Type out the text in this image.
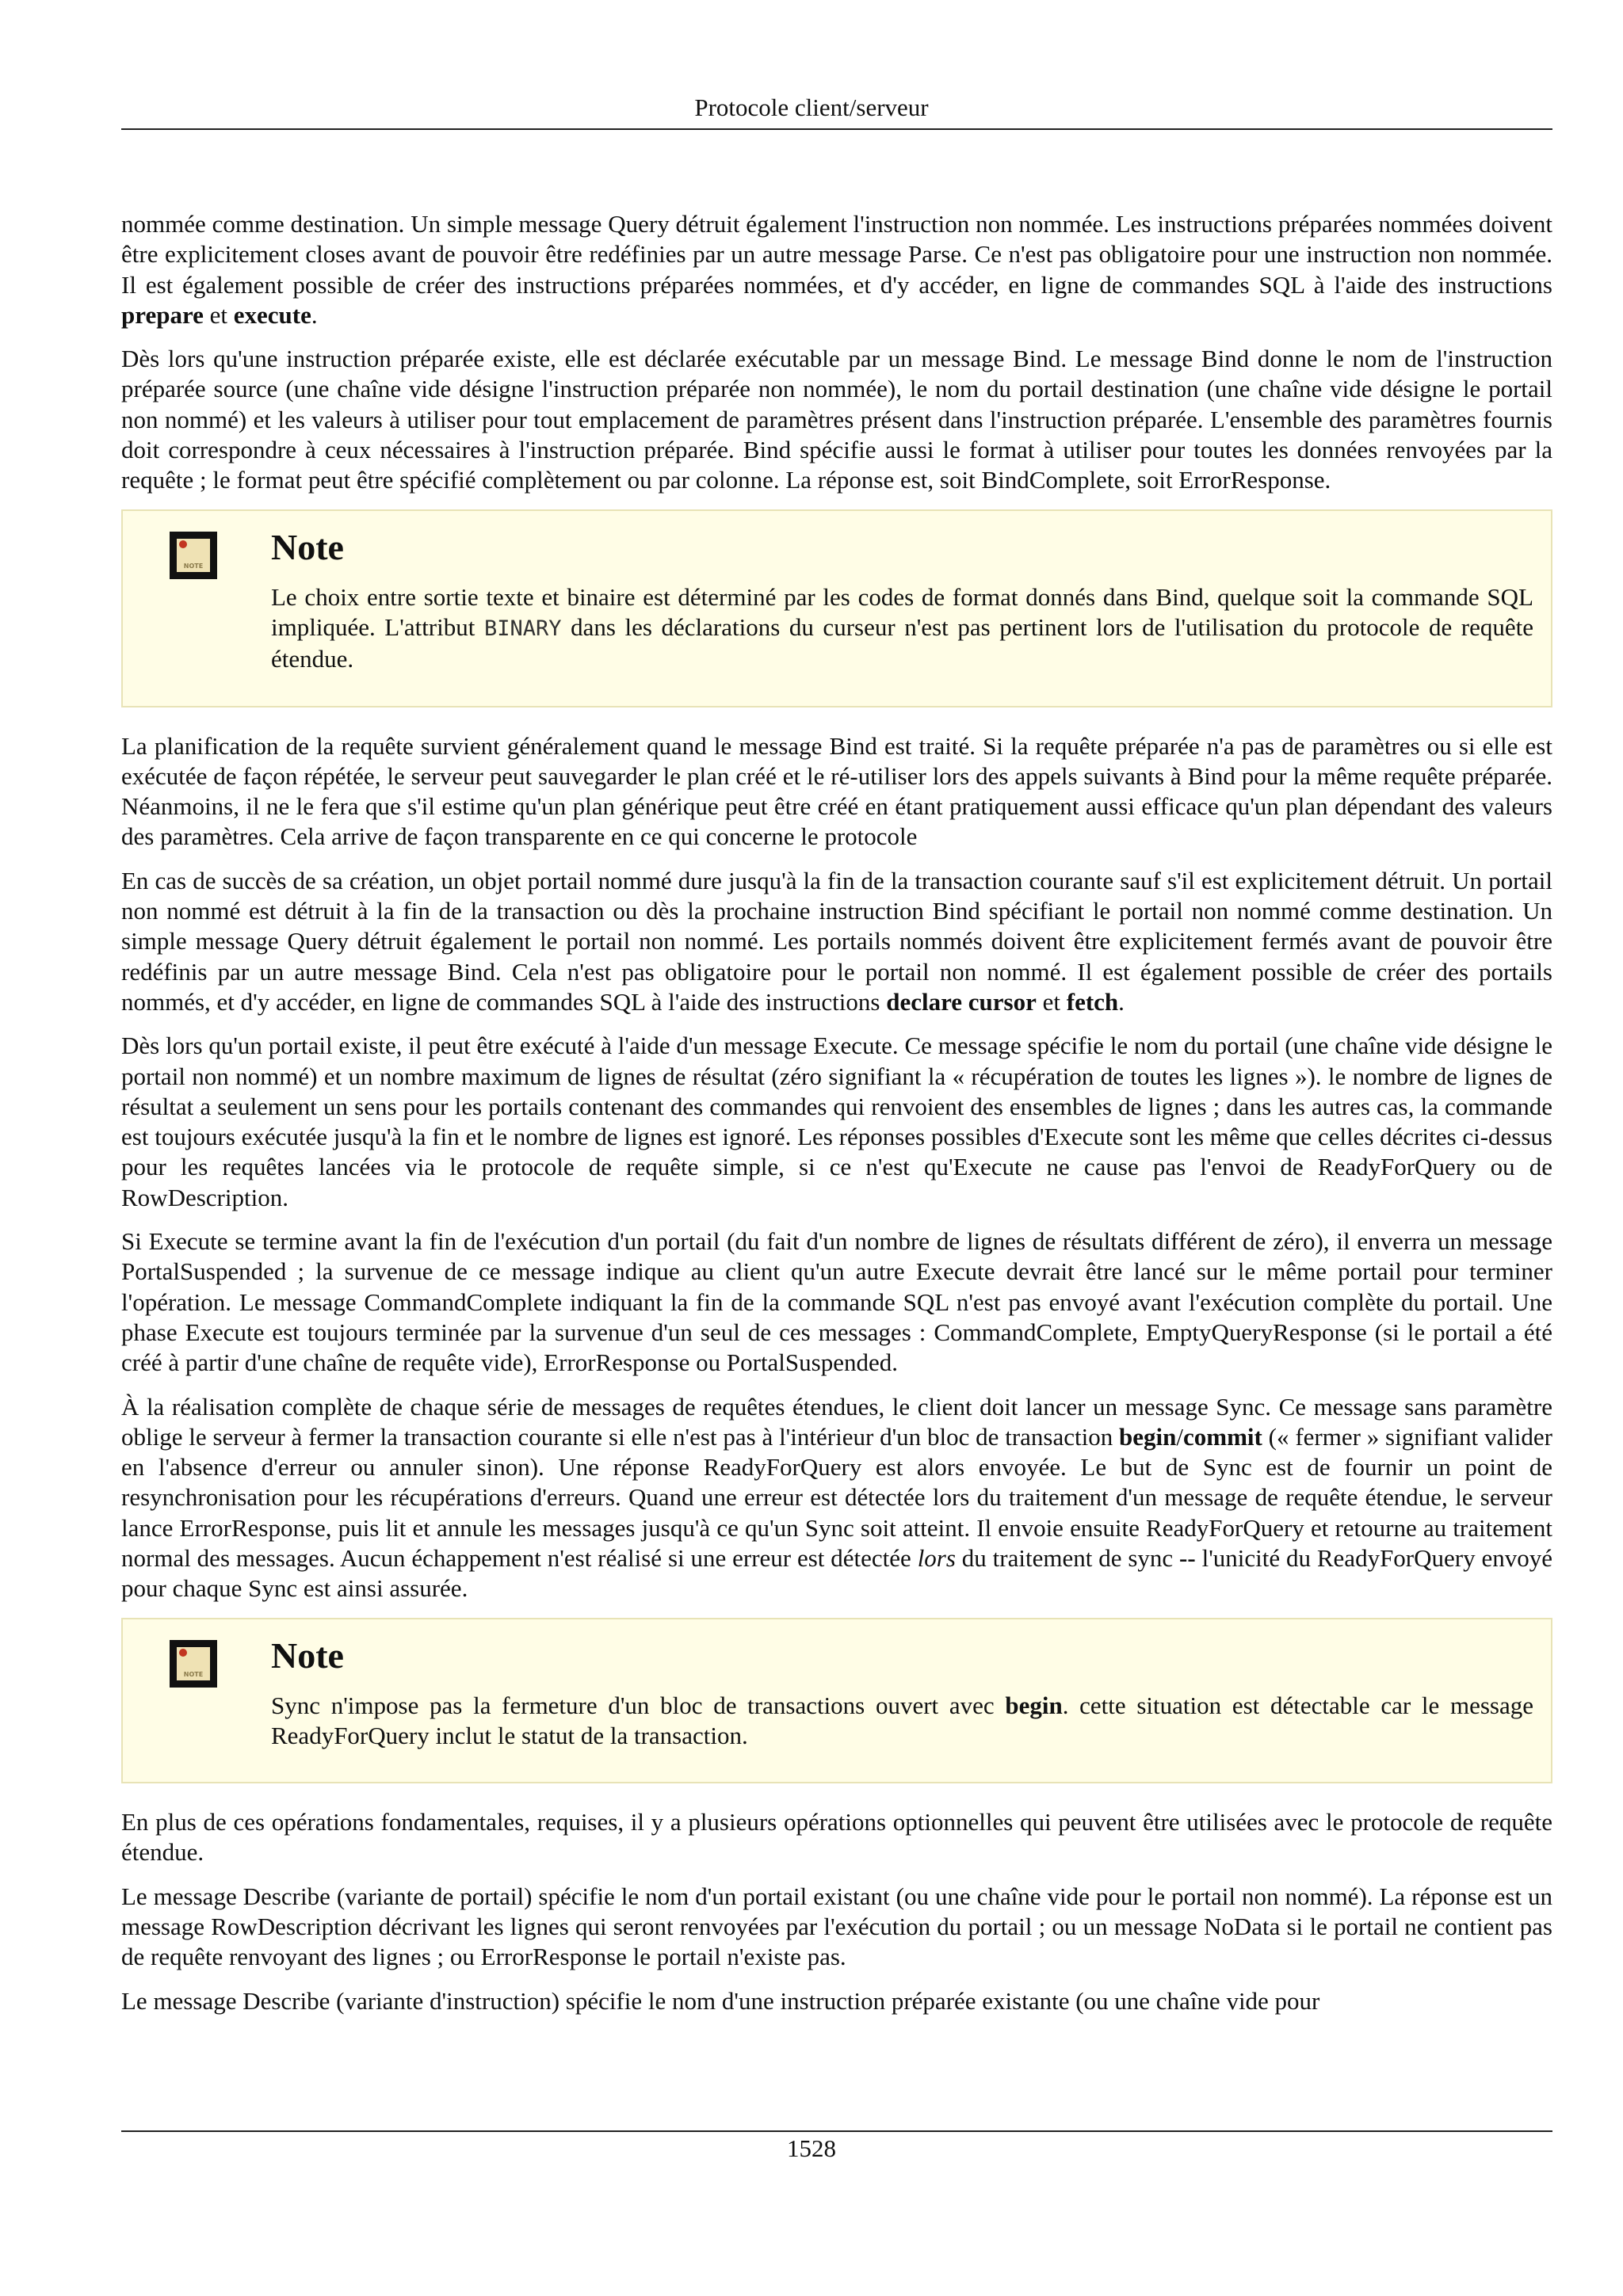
Protocole client/serveur

nommée comme destination. Un simple message Query détruit également l'instruction non nommée. Les instructions préparées nommées doivent être explicitement closes avant de pouvoir être redéfinies par un autre message Parse. Ce n'est pas obligatoire pour une instruction non nommée. Il est également possible de créer des instructions préparées nommées, et d'y accéder, en ligne de commandes SQL à l'aide des instructions prepare et execute.

Dès lors qu'une instruction préparée existe, elle est déclarée exécutable par un message Bind. Le message Bind donne le nom de l'instruction préparée source (une chaîne vide désigne l'instruction préparée non nommée), le nom du portail destination (une chaîne vide désigne le portail non nommé) et les valeurs à utiliser pour tout emplacement de paramètres présent dans l'instruction préparée. L'ensemble des paramètres fournis doit correspondre à ceux nécessaires à l'instruction préparée. Bind spécifie aussi le format à utiliser pour toutes les données renvoyées par la requête ; le format peut être spécifié complètement ou par colonne. La réponse est, soit BindComplete, soit ErrorResponse.

NOTE Note

Le choix entre sortie texte et binaire est déterminé par les codes de format donnés dans Bind, quelque soit la commande SQL impliquée. L'attribut BINARY dans les déclarations du curseur n'est pas pertinent lors de l'utilisation du protocole de requête étendue.

La planification de la requête survient généralement quand le message Bind est traité. Si la requête préparée n'a pas de paramètres ou si elle est exécutée de façon répétée, le serveur peut sauvegarder le plan créé et le ré-utiliser lors des appels suivants à Bind pour la même requête préparée. Néanmoins, il ne le fera que s'il estime qu'un plan générique peut être créé en étant pratiquement aussi efficace qu'un plan dépendant des valeurs des paramètres. Cela arrive de façon transparente en ce qui concerne le protocole

En cas de succès de sa création, un objet portail nommé dure jusqu'à la fin de la transaction courante sauf s'il est explicitement détruit. Un portail non nommé est détruit à la fin de la transaction ou dès la prochaine instruction Bind spécifiant le portail non nommé comme destination. Un simple message Query détruit également le portail non nommé. Les portails nommés doivent être explicitement fermés avant de pouvoir être redéfinis par un autre message Bind. Cela n'est pas obligatoire pour le portail non nommé. Il est également possible de créer des portails nommés, et d'y accéder, en ligne de commandes SQL à l'aide des instructions declare cursor et fetch.

Dès lors qu'un portail existe, il peut être exécuté à l'aide d'un message Execute. Ce message spécifie le nom du portail (une chaîne vide désigne le portail non nommé) et un nombre maximum de lignes de résultat (zéro signifiant la « récupération de toutes les lignes »). le nombre de lignes de résultat a seulement un sens pour les portails contenant des commandes qui renvoient des ensembles de lignes ; dans les autres cas, la commande est toujours exécutée jusqu'à la fin et le nombre de lignes est ignoré. Les réponses possibles d'Execute sont les même que celles décrites ci-dessus pour les requêtes lancées via le protocole de requête simple, si ce n'est qu'Execute ne cause pas l'envoi de ReadyForQuery ou de RowDescription.

Si Execute se termine avant la fin de l'exécution d'un portail (du fait d'un nombre de lignes de résultats différent de zéro), il enverra un message PortalSuspended ; la survenue de ce message indique au client qu'un autre Execute devrait être lancé sur le même portail pour terminer l'opération. Le message CommandComplete indiquant la fin de la commande SQL n'est pas envoyé avant l'exécution complète du portail. Une phase Execute est toujours terminée par la survenue d'un seul de ces messages : CommandComplete, EmptyQueryResponse (si le portail a été créé à partir d'une chaîne de requête vide), ErrorResponse ou PortalSuspended.

À la réalisation complète de chaque série de messages de requêtes étendues, le client doit lancer un message Sync. Ce message sans paramètre oblige le serveur à fermer la transaction courante si elle n'est pas à l'intérieur d'un bloc de transaction begin/commit (« fermer » signifiant valider en l'absence d'erreur ou annuler sinon). Une réponse ReadyForQuery est alors envoyée. Le but de Sync est de fournir un point de resynchronisation pour les récupérations d'erreurs. Quand une erreur est détectée lors du traitement d'un message de requête étendue, le serveur lance ErrorResponse, puis lit et annule les messages jusqu'à ce qu'un Sync soit atteint. Il envoie ensuite ReadyForQuery et retourne au traitement normal des messages. Aucun échappement n'est réalisé si une erreur est détectée lors du traitement de sync -- l'unicité du ReadyForQuery envoyé pour chaque Sync est ainsi assurée.

NOTE Note

Sync n'impose pas la fermeture d'un bloc de transactions ouvert avec begin. cette situation est détectable car le message ReadyForQuery inclut le statut de la transaction.

En plus de ces opérations fondamentales, requises, il y a plusieurs opérations optionnelles qui peuvent être utilisées avec le protocole de requête étendue.

Le message Describe (variante de portail) spécifie le nom d'un portail existant (ou une chaîne vide pour le portail non nommé). La réponse est un message RowDescription décrivant les lignes qui seront renvoyées par l'exécution du portail ; ou un message NoData si le portail ne contient pas de requête renvoyant des lignes ; ou ErrorResponse le portail n'existe pas.

Le message Describe (variante d'instruction) spécifie le nom d'une instruction préparée existante (ou une chaîne vide pour

1528
